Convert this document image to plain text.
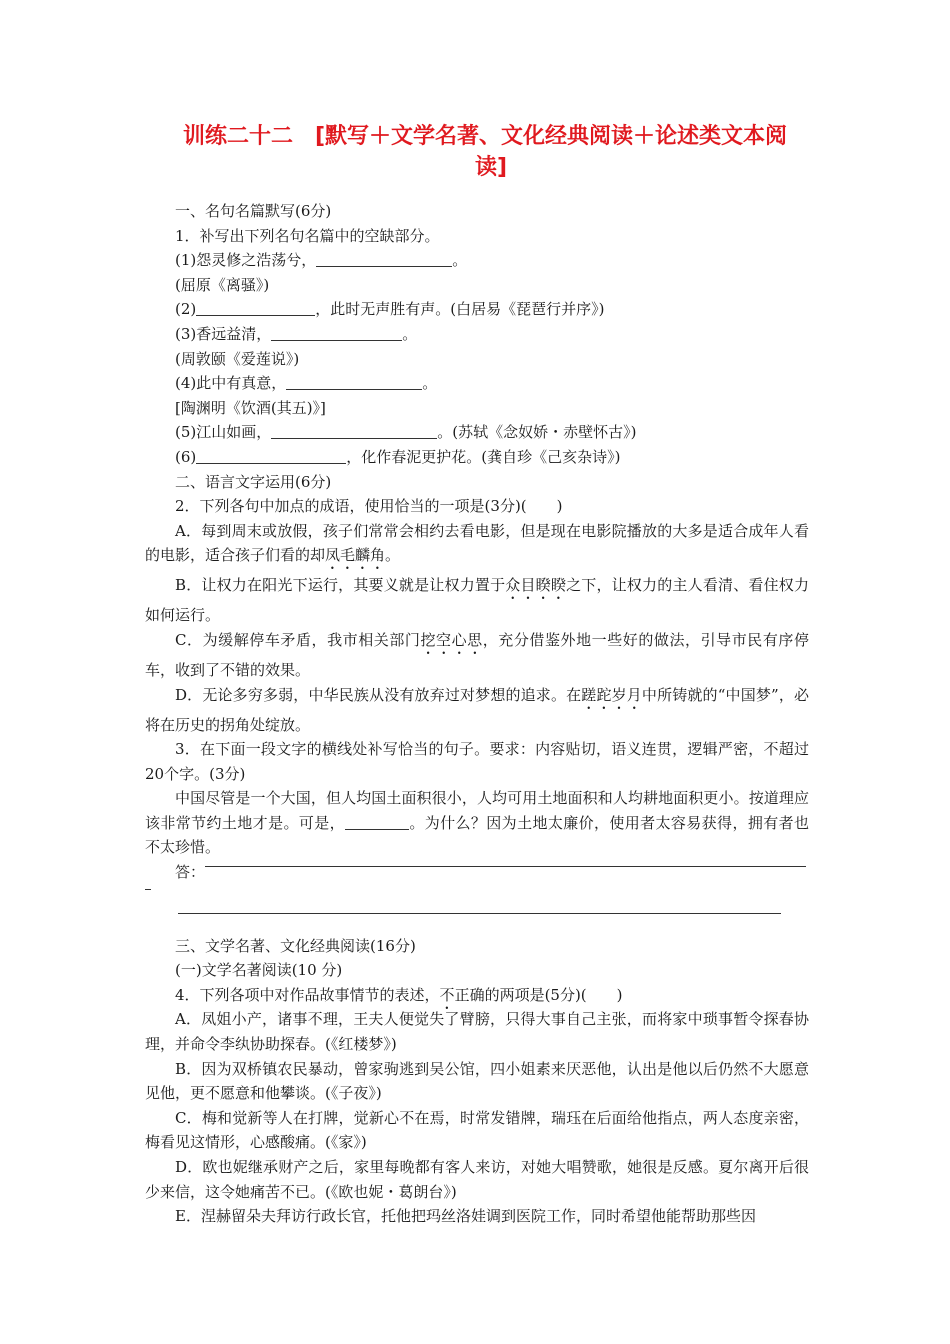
训练二十二　[默写＋文学名著、文化经典阅读＋论述类文本阅
读]
一、名句名篇默写(6分)
1．补写出下列名句名篇中的空缺部分。
(1)怨灵修之浩荡兮，	。
(屈原《离骚》)
(2)	，此时无声胜有声。(白居易《琵琶行并序》)
(3)香远益清，	。
(周敦颐《爱莲说》)
(4)此中有真意，	。
[陶渊明《饮酒(其五)》]
(5)江山如画，	。(苏轼《念奴娇・赤壁怀古》)
(6)	，化作春泥更护花。(龚自珍《己亥杂诗》)
二、语言文字运用(6分)
2．下列各句中加点的成语，使用恰当的一项是(3分)(　　)
A．每到周末或放假，孩子们常常会相约去看电影，但是现在电影院播放的大多是适合成年人看的电影，适合孩子们看的却凤毛麟角。
B．让权力在阳光下运行，其要义就是让权力置于众目睽睽之下，让权力的主人看清、看住权力如何运行。
C．为缓解停车矛盾，我市相关部门挖空心思，充分借鉴外地一些好的做法，引导市民有序停车，收到了不错的效果。
D．无论多穷多弱，中华民族从没有放弃过对梦想的追求。在蹉跎岁月中所铸就的“中国梦”，必将在历史的拐角处绽放。
3．在下面一段文字的横线处补写恰当的句子。要求：内容贴切，语义连贯，逻辑严密，不超过20个字。(3分)
中国尽管是一个大国，但人均国土面积很小，人均可用土地面积和人均耕地面积更小。按道理应该非常节约土地才是。可是，	。为什么？因为土地太廉价，使用者太容易获得，拥有者也不太珍惜。
答：
三、文学名著、文化经典阅读(16分)
(一)文学名著阅读(10 分)
4．下列各项中对作品故事情节的表述，不正确的两项是(5分)(　　)
A．凤姐小产，诸事不理，王夫人便觉失了臂膀，只得大事自己主张，而将家中琐事暂令探春协理，并命令李纨协助探春。(《红楼梦》)
B．因为双桥镇农民暴动，曾家驹逃到吴公馆，四小姐素来厌恶他，认出是他以后仍然不大愿意见他，更不愿意和他攀谈。(《子夜》)
C．梅和觉新等人在打牌，觉新心不在焉，时常发错牌，瑞珏在后面给他指点，两人态度亲密，梅看见这情形，心感酸痛。(《家》)
D．欧也妮继承财产之后，家里每晚都有客人来访，对她大唱赞歌，她很是反感。夏尔离开后很少来信，这令她痛苦不已。(《欧也妮・葛朗台》)
E．涅赫留朵夫拜访行政长官，托他把玛丝洛娃调到医院工作，同时希望他能帮助那些因
